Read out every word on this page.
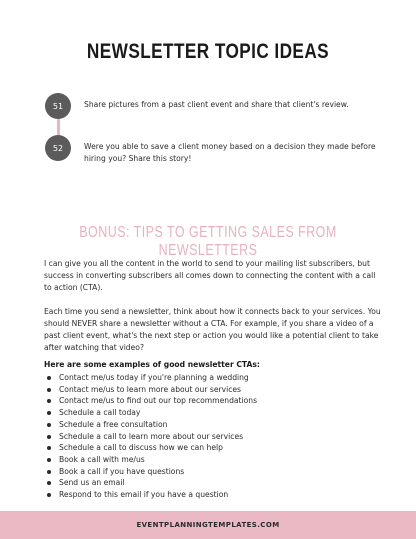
NEWSLETTER TOPIC IDEAS
51	Share pictures from a past client event and share that client's review.
52	Were you able to save a client money based on a decision they made before hiring you? Share this story!
BONUS: TIPS TO GETTING SALES FROM NEWSLETTERS

I can give you all the content in the world to send to your mailing list subscribers, but success in converting subscribers all comes down to connecting the content with a call to action (CTA).

Each time you send a newsletter, think about how it connects back to your services. You should NEVER share a newsletter without a CTA. For example, if you share a video of a past client event, what's the next step or action you would like a potential client to take after watching that video?

Here are some examples of good newsletter CTAs:
Contact me/us today if you're planning a wedding
Contact me/us to learn more about our services
Contact me/us to find out our top recommendations
Schedule a call today
Schedule a free consultation
Schedule a call to learn more about our services
Schedule a call to discuss how we can help
Book a call with me/us
Book a call if you have questions
Send us an email
Respond to this email if you have a question
EVENTPLANNINGTEMPLATES.COM
